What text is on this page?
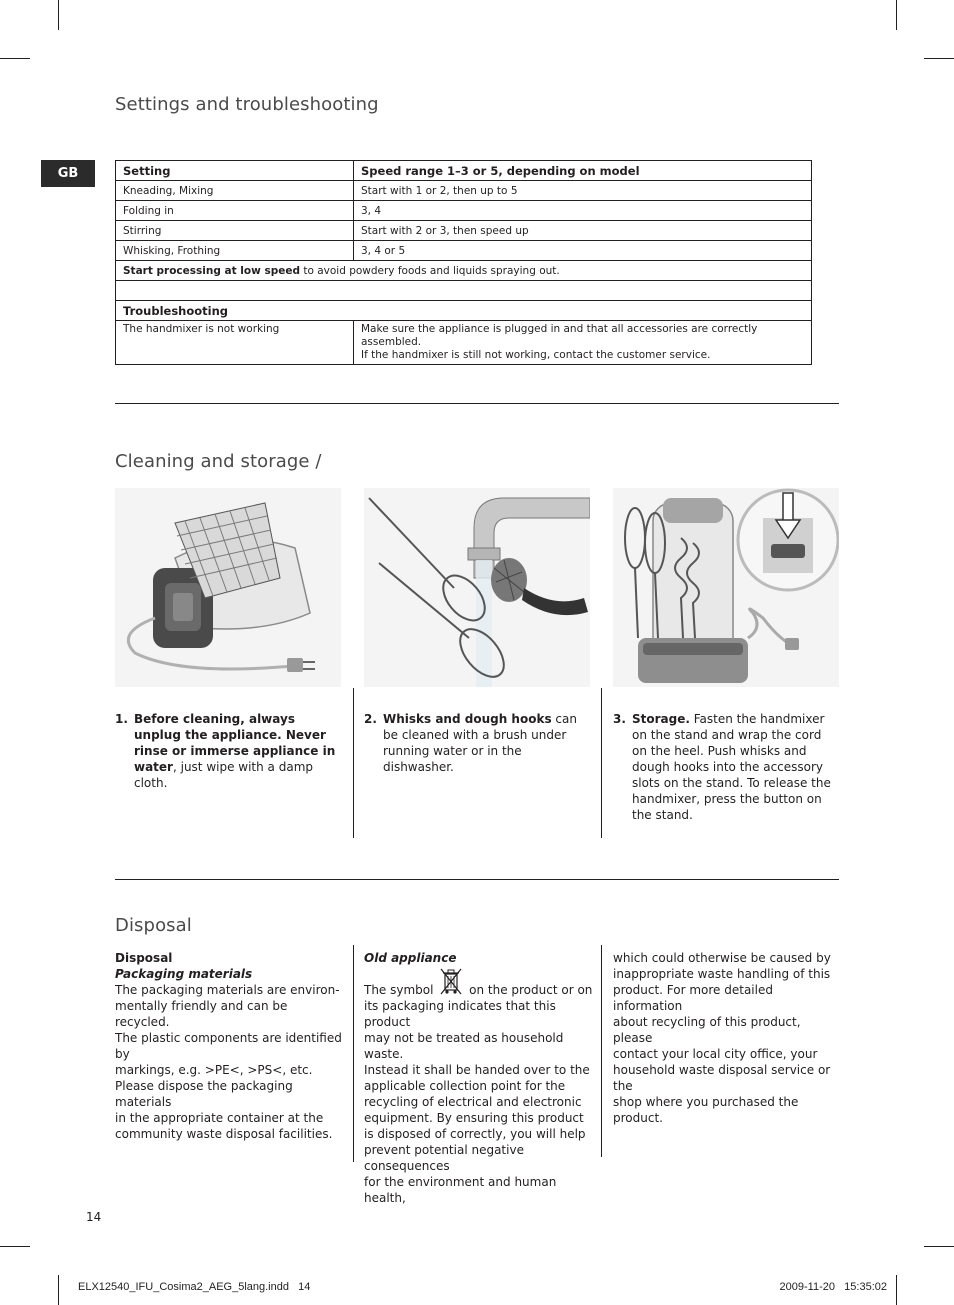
Settings and troubleshooting
GB	Setting	Speed range 1–3 or 5, depending on model
Kneading, Mixing	Start with 1 or 2, then up to 5
Folding in	3, 4
Stirring	Start with 2 or 3, then speed up
Whisking, Frothing	3, 4 or 5
Start processing at low speed to avoid powdery foods and liquids spraying out.	

Troubleshooting	
The handmixer is not working	Make sure the appliance is plugged in and that all accessories are correctly assembled.
If the handmixer is still not working, contact the customer service.
Cleaning and storage /
1. Before cleaning, always unplug the appliance. Never rinse or immerse appliance in water, just wipe with a damp cloth.
2. Whisks and dough hooks can be cleaned with a brush under running water or in the dishwasher.
3. Storage. Fasten the handmixer on the stand and wrap the cord on the heel. Push whisks and dough hooks into the accessory slots on the stand. To release the handmixer, press the button on the stand.
Disposal
Disposal
Packaging materials
The packaging materials are environ-
mentally friendly and can be recycled.
The plastic components are identified by
markings, e.g. >PE<, >PS<, etc.
Please dispose the packaging materials
in the appropriate container at the
community waste disposal facilities.
Old appliance
The symbol	on the product or on
its packaging indicates that this product
may not be treated as household waste.
Instead it shall be handed over to the
applicable collection point for the
recycling of electrical and electronic
equipment. By ensuring this product
is disposed of correctly, you will help
prevent potential negative consequences
for the environment and human health,
which could otherwise be caused by
inappropriate waste handling of this
product. For more detailed information
about recycling of this product, please
contact your local city office, your
household waste disposal service or the
shop where you purchased the product.
14
ELX12540_IFU_Cosima2_AEG_5lang.indd   14	2009-11-20   15:35:02
